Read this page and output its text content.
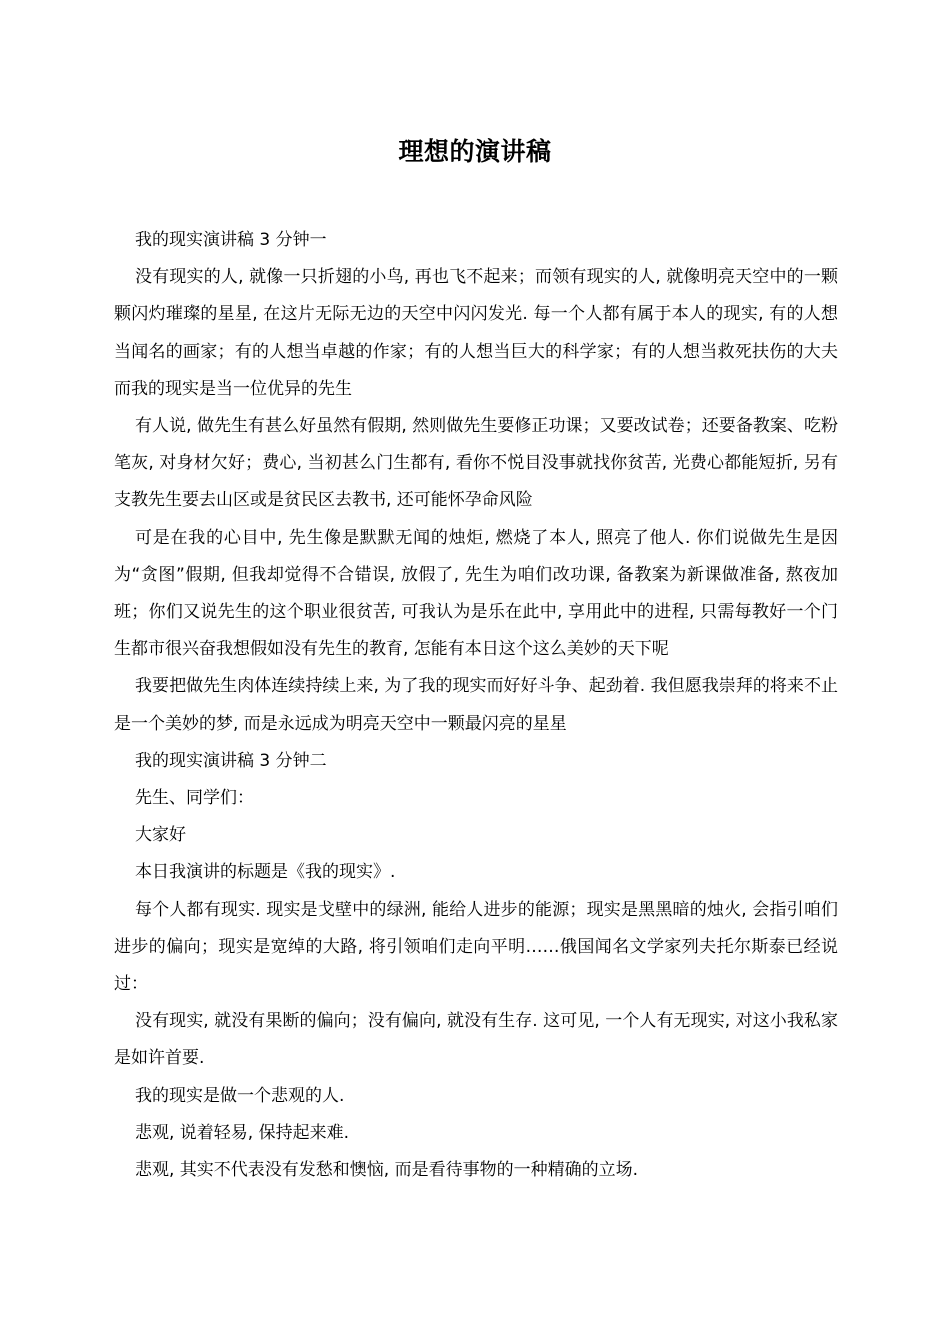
理想的演讲稿

我的现实演讲稿 3 分钟一

没有现实的人, 就像一只折翅的小鸟, 再也飞不起来；而领有现实的人, 就像明亮天空中的一颗颗闪灼璀璨的星星, 在这片无际无边的天空中闪闪发光. 每一个人都有属于本人的现实, 有的人想当闻名的画家；有的人想当卓越的作家；有的人想当巨大的科学家；有的人想当救死扶伤的大夫而我的现实是当一位优异的先生

有人说, 做先生有甚么好虽然有假期, 然则做先生要修正功课；又要改试卷；还要备教案、吃粉笔灰, 对身材欠好；费心, 当初甚么门生都有, 看你不悦目没事就找你贫苦, 光费心都能短折, 另有支教先生要去山区或是贫民区去教书, 还可能怀孕命风险

可是在我的心目中, 先生像是默默无闻的烛炬, 燃烧了本人, 照亮了他人. 你们说做先生是因为“贪图”假期, 但我却觉得不合错误, 放假了, 先生为咱们改功课, 备教案为新课做准备, 熬夜加班；你们又说先生的这个职业很贫苦, 可我认为是乐在此中, 享用此中的进程, 只需每教好一个门生都市很兴奋我想假如没有先生的教育, 怎能有本日这个这么美妙的天下呢

我要把做先生肉体连续持续上来, 为了我的现实而好好斗争、起劲着. 我但愿我崇拜的将来不止是一个美妙的梦, 而是永远成为明亮天空中一颗最闪亮的星星

我的现实演讲稿 3 分钟二

先生、同学们：

大家好

本日我演讲的标题是《我的现实》.

每个人都有现实. 现实是戈壁中的绿洲, 能给人进步的能源；现实是黑黑暗的烛火, 会指引咱们进步的偏向；现实是宽绰的大路, 将引领咱们走向平明……俄国闻名文学家列夫托尔斯泰已经说过：

没有现实, 就没有果断的偏向；没有偏向, 就没有生存. 这可见, 一个人有无现实, 对这小我私家是如许首要.

我的现实是做一个悲观的人.

悲观, 说着轻易, 保持起来难.

悲观, 其实不代表没有发愁和懊恼, 而是看待事物的一种精确的立场.
